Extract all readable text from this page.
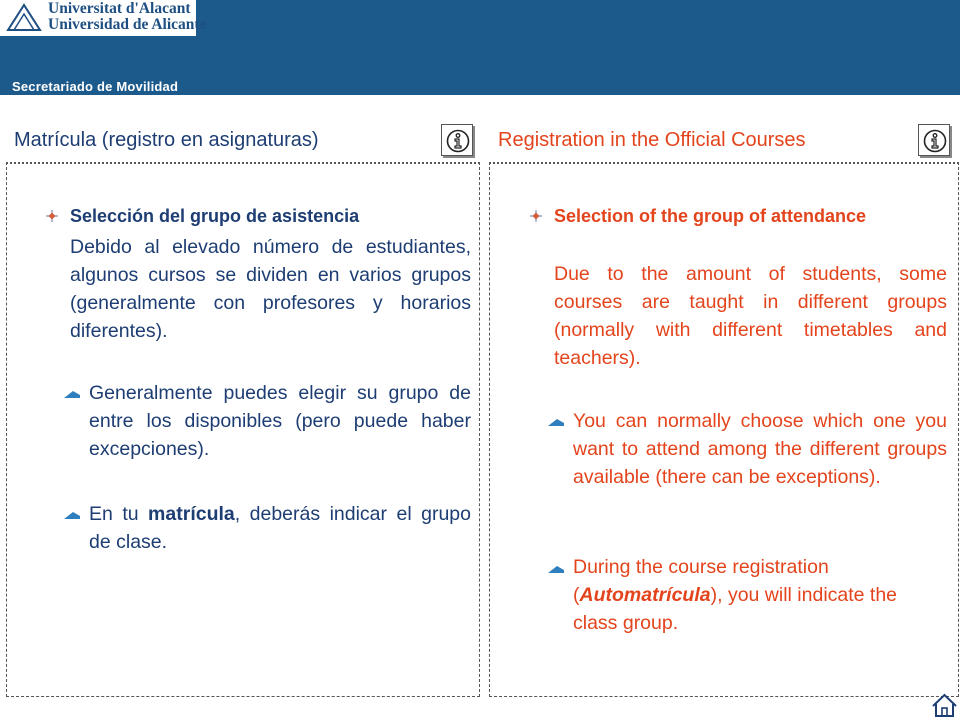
Universitat d'Alacant
Universidad de Alicante
Secretariado de Movilidad
Matrícula (registro en asignaturas)	Registration in the Official Courses
Selección del grupo de asistencia
Debido al elevado número de estudiantes, algunos cursos se dividen en varios grupos (generalmente con profesores y horarios diferentes).
Generalmente puedes elegir su grupo de entre los disponibles (pero puede haber excepciones).
En tu matrícula, deberás indicar el grupo de clase.
Selection of the group of attendance
Due to the amount of students, some courses are taught in different groups (normally with different timetables and teachers).
You can normally choose which one you want to attend among the different groups available (there can be exceptions).
During the course registration (Automatrícula), you will indicate the class group.
